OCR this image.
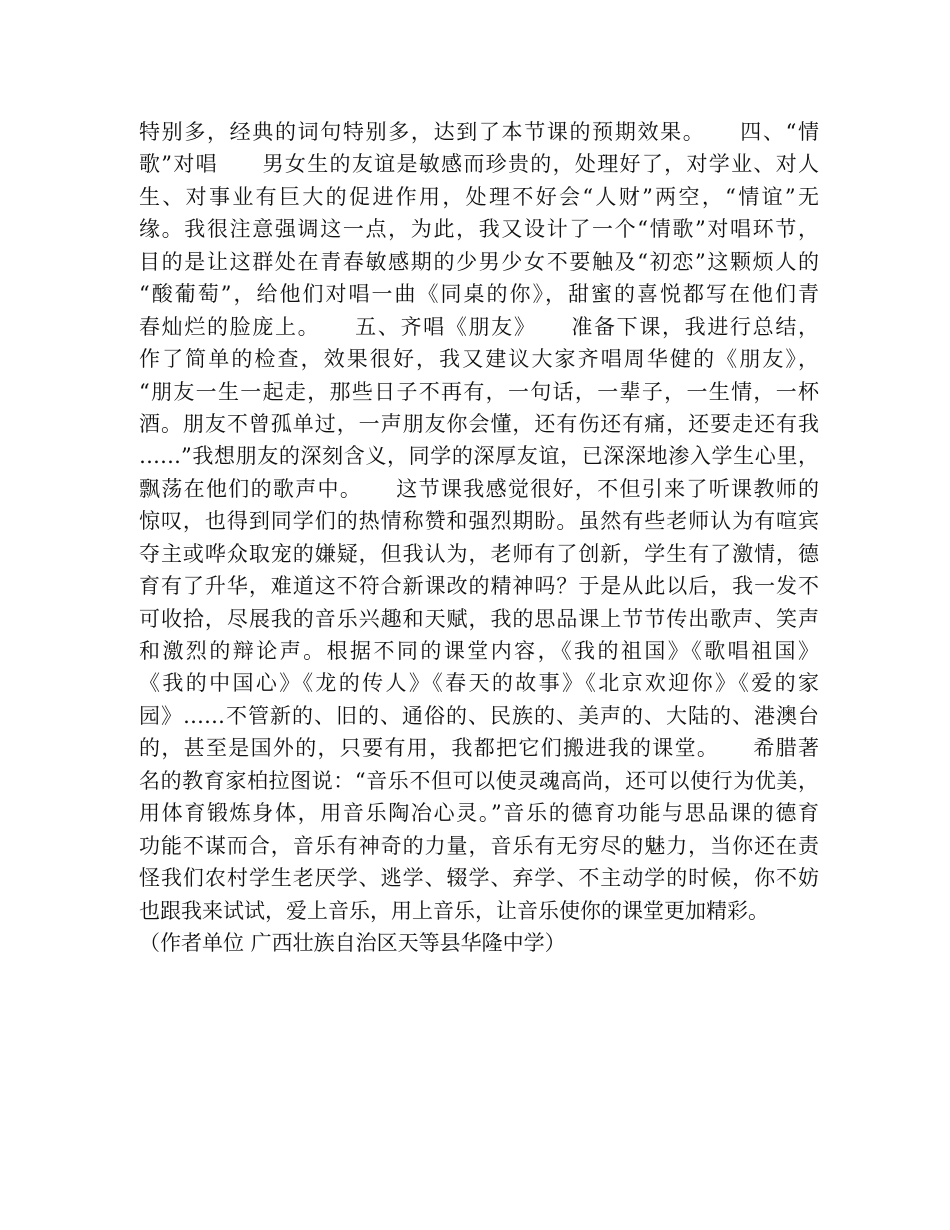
特别多，经典的词句特别多，达到了本节课的预期效果。　　四、“情
歌”对唱　　男女生的友谊是敏感而珍贵的，处理好了，对学业、对人
生、对事业有巨大的促进作用，处理不好会“人财”两空，“情谊”无
缘。我很注意强调这一点，为此，我又设计了一个“情歌”对唱环节，
目的是让这群处在青春敏感期的少男少女不要触及“初恋”这颗烦人的
“酸葡萄”，给他们对唱一曲《同桌的你》，甜蜜的喜悦都写在他们青
春灿烂的脸庞上。　　五、齐唱《朋友》　　准备下课，我进行总结，
作了简单的检查，效果很好，我又建议大家齐唱周华健的《朋友》，
“朋友一生一起走，那些日子不再有，一句话，一辈子，一生情，一杯
酒。朋友不曾孤单过，一声朋友你会懂，还有伤还有痛，还要走还有我
……”我想朋友的深刻含义，同学的深厚友谊，已深深地渗入学生心里，
飘荡在他们的歌声中。　　这节课我感觉很好，不但引来了听课教师的
惊叹，也得到同学们的热情称赞和强烈期盼。虽然有些老师认为有喧宾
夺主或哗众取宠的嫌疑，但我认为，老师有了创新，学生有了激情，德
育有了升华，难道这不符合新课改的精神吗？于是从此以后，我一发不
可收拾，尽展我的音乐兴趣和天赋，我的思品课上节节传出歌声、笑声
和激烈的辩论声。根据不同的课堂内容，《我的祖国》《歌唱祖国》
《我的中国心》《龙的传人》《春天的故事》《北京欢迎你》《爱的家
园》……不管新的、旧的、通俗的、民族的、美声的、大陆的、港澳台
的，甚至是国外的，只要有用，我都把它们搬进我的课堂。　　希腊著
名的教育家柏拉图说：“音乐不但可以使灵魂高尚，还可以使行为优美，
用体育锻炼身体，用音乐陶冶心灵。”音乐的德育功能与思品课的德育
功能不谋而合，音乐有神奇的力量，音乐有无穷尽的魅力，当你还在责
怪我们农村学生老厌学、逃学、辍学、弃学、不主动学的时候，你不妨
也跟我来试试，爱上音乐，用上音乐，让音乐使你的课堂更加精彩。
（作者单位 广西壮族自治区天等县华隆中学）
